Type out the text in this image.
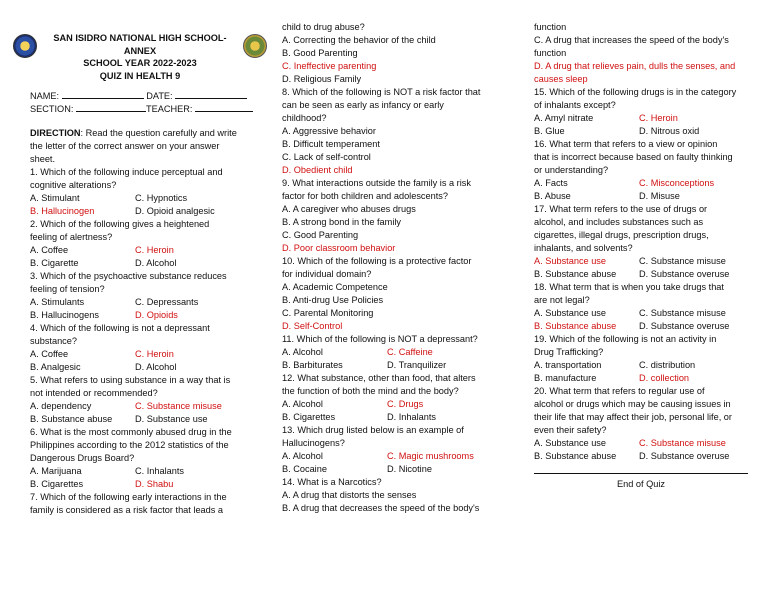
SAN ISIDRO NATIONAL HIGH SCHOOL-ANNEX
SCHOOL YEAR 2022-2023
QUIZ IN HEALTH 9
NAME:	DATE:
SECTION:	TEACHER:
DIRECTION: Read the question carefully and write
the letter of the correct answer on your answer
sheet.
1. Which of the following induce perceptual and
cognitive alterations?
A. Stimulant	C. Hypnotics
B. Hallucinogen	D. Opioid analgesic
2. Which of the following gives a heightened
feeling of alertness?
A. Coffee	C. Heroin
B. Cigarette	D. Alcohol
3. Which of the psychoactive substance reduces
feeling of tension?
A. Stimulants	C. Depressants
B. Hallucinogens	D. Opioids
4. Which of the following is not a depressant
substance?
A. Coffee	C. Heroin
B. Analgesic	D. Alcohol
5. What refers to using substance in a way that is
not intended or recommended?
A. dependency	C. Substance misuse
B. Substance abuse	D. Substance use
6. What is the most commonly abused drug in the
Philippines according to the 2012 statistics of the
Dangerous Drugs Board?
A. Marijuana	C. Inhalants
B. Cigarettes	D. Shabu
7. Which of the following early interactions in the
family is considered as a risk factor that leads a
child to drug abuse?
A. Correcting the behavior of the child
B. Good Parenting
C. Ineffective parenting
D. Religious Family
8. Which of the following is NOT a risk factor that
can be seen as early as infancy or early
childhood?
A. Aggressive behavior
B. Difficult temperament
C. Lack of self-control
D. Obedient child
9. What interactions outside the family is a risk
factor for both children and adolescents?
A. A caregiver who abuses drugs
B. A strong bond in the family
C. Good Parenting
D. Poor classroom behavior
10. Which of the following is a protective factor
for individual domain?
A. Academic Competence
B. Anti-drug Use Policies
C. Parental Monitoring
D. Self-Control
11. Which of the following is NOT a depressant?
A. Alcohol	C. Caffeine
B. Barbiturates	D. Tranquilizer
12. What substance, other than food, that alters
the function of both the mind and the body?
A. Alcohol	C. Drugs
B. Cigarettes	D. Inhalants
13. Which drug listed below is an example of
Hallucinogens?
A. Alcohol	C. Magic mushrooms
B. Cocaine	D. Nicotine
14. What is a Narcotics?
A. A drug that distorts the senses
B. A drug that decreases the speed of the body's
function
C. A drug that increases the speed of the body's
function
D. A drug that relieves pain, dulls the senses, and
causes sleep
15. Which of the following drugs is in the category
of inhalants except?
A. Amyl nitrate	C. Heroin
B. Glue	D. Nitrous oxid
16. What term that refers to a view or opinion
that is incorrect because based on faulty thinking
or understanding?
A. Facts	C. Misconceptions
B. Abuse	D. Misuse
17. What term refers to the use of drugs or
alcohol, and includes substances such as
cigarettes, illegal drugs, prescription drugs,
inhalants, and solvents?
A. Substance use	C. Substance misuse
B. Substance abuse	D. Substance overuse
18. What term that is when you take drugs that
are not legal?
A. Substance use	C. Substance misuse
B. Substance abuse	D. Substance overuse
19. Which of the following is not an activity in
Drug Trafficking?
A. transportation	C. distribution
B. manufacture	D. collection
20. What term that refers to regular use of
alcohol or drugs which may be causing issues in
their life that may affect their job, personal life, or
even their safety?
A. Substance use	C. Substance misuse
B. Substance abuse	D. Substance overuse
End of Quiz
